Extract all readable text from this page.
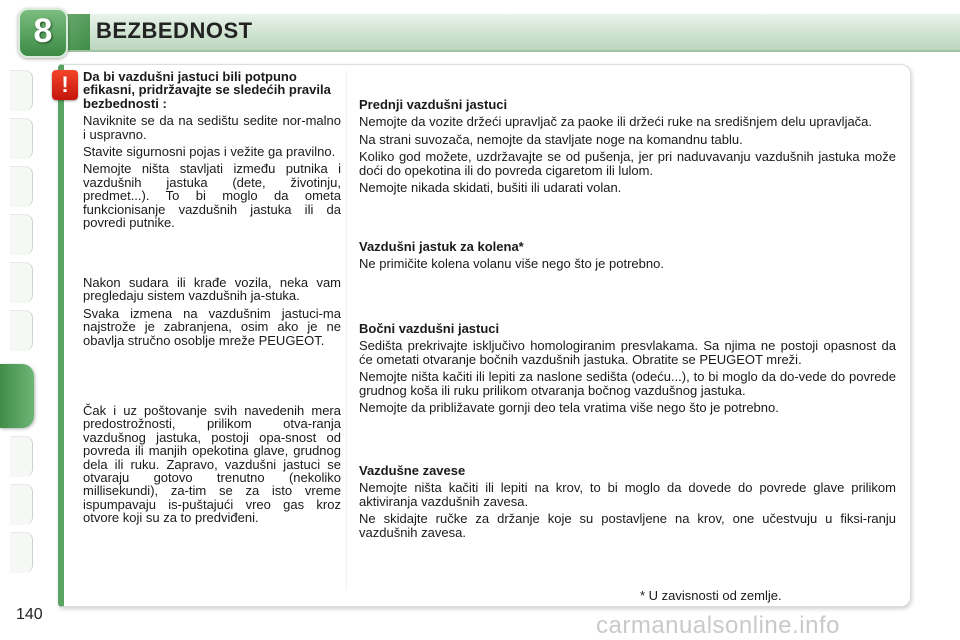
8	BEZBEDNOST
!	Da bi vazdušni jastuci bili potpuno efikasni, pridržavajte se sledećih pravila bezbednosti :

Naviknite se da na sedištu sedite nor-malno i uspravno.

Stavite sigurnosni pojas i vežite ga pravilno.

Nemojte ništa stavljati između putnika i vazdušnih jastuka (dete, životinju, predmet...). To bi moglo da ometa funkcionisanje vazdušnih jastuka ili da povredi putnike.

Nakon sudara ili krađe vozila, neka vam pregledaju sistem vazdušnih ja-stuka.

Svaka izmena na vazdušnim jastuci-ma najstrože je zabranjena, osim ako je ne obavlja stručno osoblje mreže PEUGEOT.

Čak i uz poštovanje svih navedenih mera predostrožnosti, prilikom otva-ranja vazdušnog jastuka, postoji opa-snost od povreda ili manjih opekotina glave, grudnog dela ili ruku. Zapravo, vazdušni jastuci se otvaraju gotovo trenutno (nekoliko millisekundi), za-tim se za isto vreme ispumpavaju is-puštajući vreo gas kroz otvore koji su za to predviđeni.

Prednji vazdušni jastuci

Nemojte da vozite držeći upravljač za paoke ili držeći ruke na središnjem delu upravljača.

Na strani suvozača, nemojte da stavljate noge na komandnu tablu.

Koliko god možete, uzdržavajte se od pušenja, jer pri naduvavanju vazdušnih jastuka može doći do opekotina ili do povreda cigaretom ili lulom.

Nemojte nikada skidati, bušiti ili udarati volan.

Vazdušni jastuk za kolena*

Ne primičite kolena volanu više nego što je potrebno.

Bočni vazdušni jastuci

Sedišta prekrivajte isključivo homologiranim presvlakama. Sa njima ne postoji opasnost da će ometati otvaranje bočnih vazdušnih jastuka. Obratite se PEUGEOT mreži.

Nemojte ništa kačiti ili lepiti za naslone sedišta (odeću...), to bi moglo da do-vede do povrede grudnog koša ili ruku prilikom otvaranja bočnog vazdušnog jastuka.

Nemojte da približavate gornji deo tela vratima više nego što je potrebno.

Vazdušne zavese

Nemojte ništa kačiti ili lepiti na krov, to bi moglo da dovede do povrede glave prilikom aktiviranja vazdušnih zavesa.

Ne skidajte ručke za držanje koje su postavljene na krov, one učestvuju u fiksi-ranju vazdušnih zavesa.

* U zavisnosti od zemlje.
140	carmanualsonline.info
